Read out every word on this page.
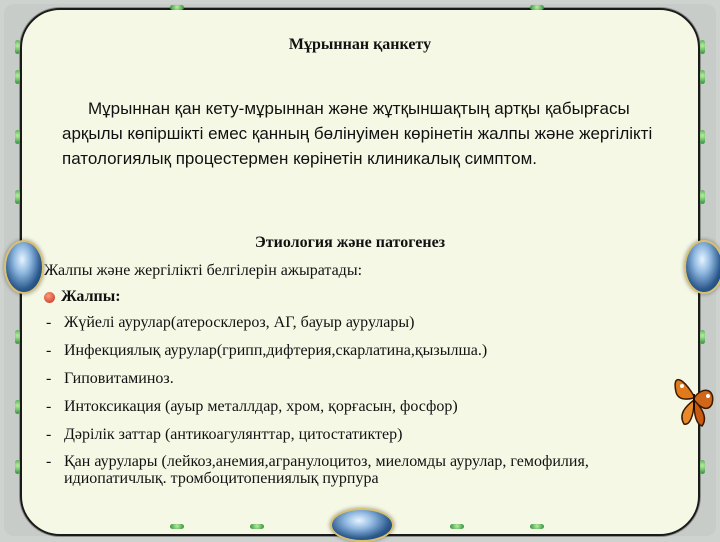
Мұрыннан қанкету
Мұрыннан қан кету-мұрыннан және жұтқыншақтың артқы қабырғасы арқылы көпіршікті емес қанның бөлінуімен көрінетін жалпы және жергілікті патологиялық процестермен көрінетін клиникалық симптом.
Этиология және патогенез
Жалпы және жергілікті белгілерін ажыратады:
Жалпы:
- Жүйелі аурулар(атеросклероз, АГ, бауыр аурулары)
- Инфекциялық аурулар(грипп,дифтерия,скарлатина,қызылша.)
- Гиповитаминоз.
- Интоксикация (ауыр металлдар, хром, қорғасын, фосфор)
- Дәрілік заттар (антикоагулянттар, цитостатиктер)
- Қан аурулары (лейкоз,анемия,агранулоцитоз, миеломды аурулар, гемофилия, идиопатичлық. тромбоцитопениялық пурпура
